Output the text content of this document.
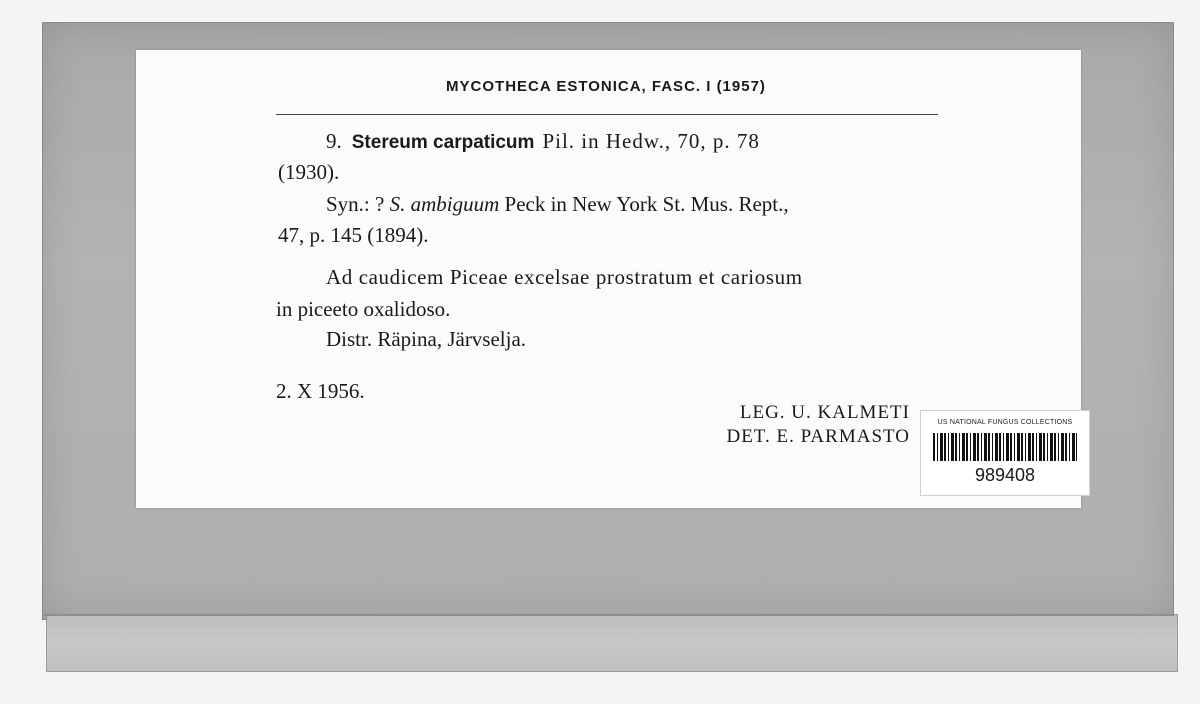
MYCOTHECA ESTONICA, FASC. I (1957)
9. Stereum carpaticum Pil. in Hedw., 70, p. 78
(1930).
Syn.: ? S. ambiguum Peck in New York St. Mus. Rept.,
47, p. 145 (1894).
Ad caudicem Piceae excelsae prostratum et cariosum
in piceeto oxalidoso.
Distr. Räpina, Järvselja.
2. X 1956.
LEG. U. KALMETI
DET. E. PARMASTO
US NATIONAL FUNGUS COLLECTIONS
989408
